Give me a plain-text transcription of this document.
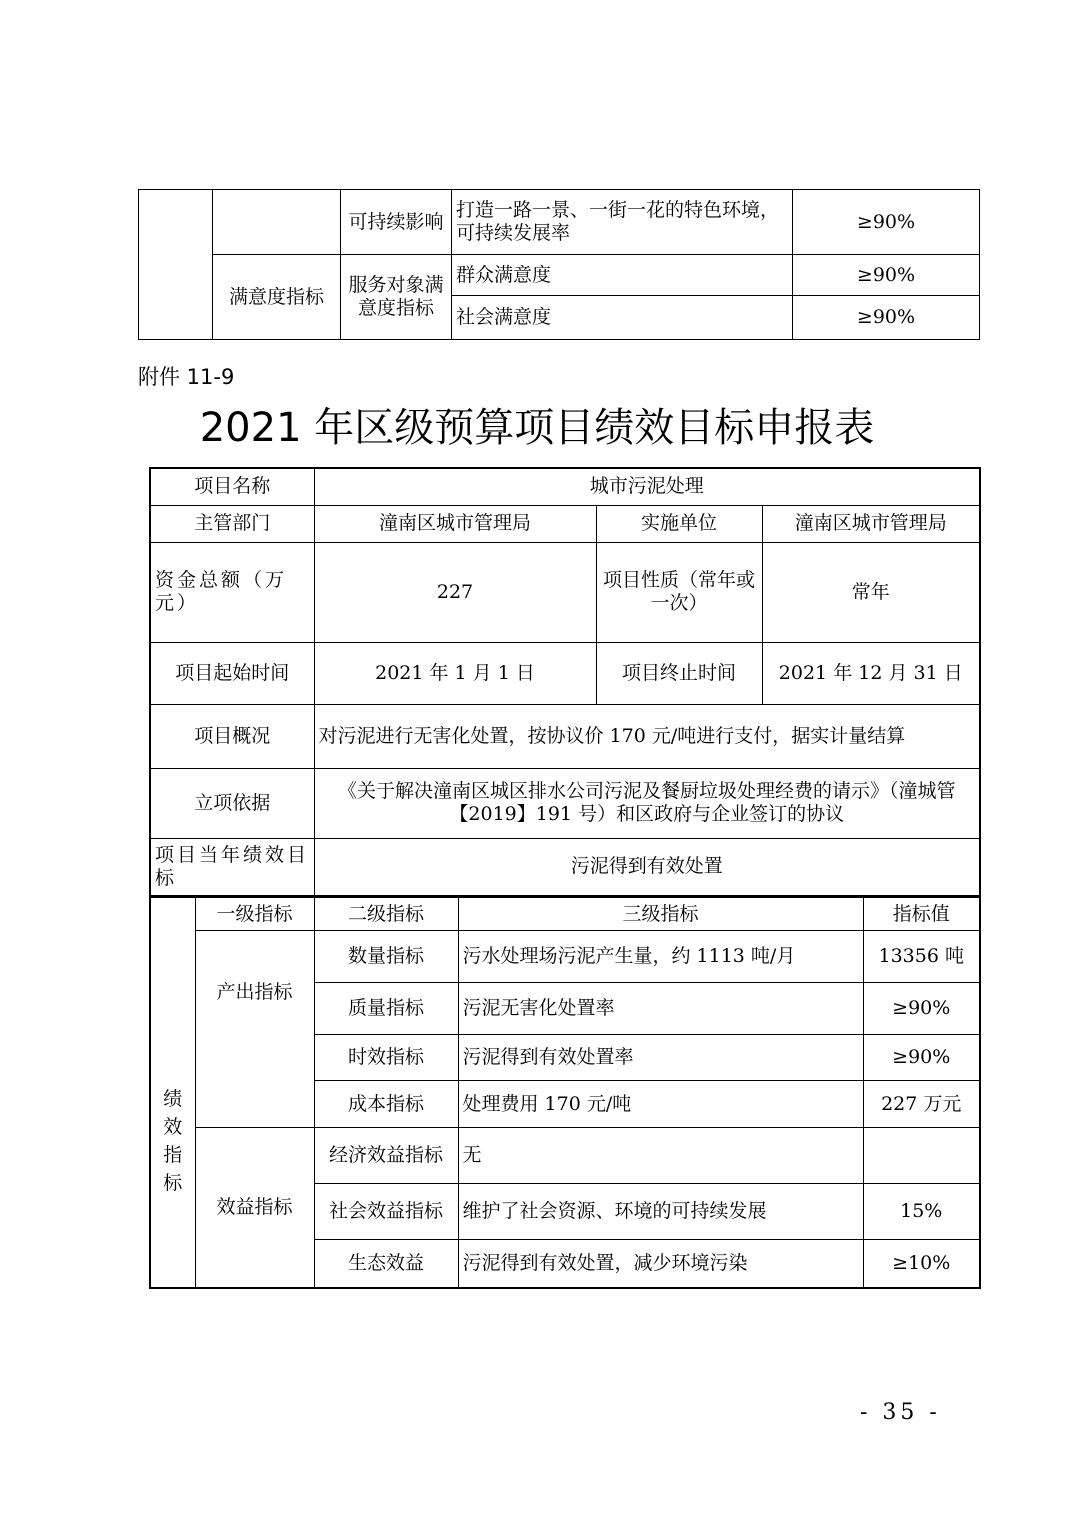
		可持续影响	打造一路一景、一街一花的特色环境，可持续发展率	≥90%
	满意度指标	服务对象满意度指标	群众满意度	≥90%
			社会满意度	≥90%
附件 11-9
2021 年区级预算项目绩效目标申报表
项目名称	城市污泥处理		
主管部门	潼南区城市管理局	实施单位	潼南区城市管理局
资金总额（万元）	227	项目性质（常年或一次）	常年
项目起始时间	2021 年 1 月 1 日	项目终止时间	2021 年 12 月 31 日
项目概况	对污泥进行无害化处置，按协议价 170 元/吨进行支付，据实计量结算		
立项依据	《关于解决潼南区城区排水公司污泥及餐厨垃圾处理经费的请示》（潼城管【2019】191 号）和区政府与企业签订的协议		
项目当年绩效目标	污泥得到有效处置		
绩效指标	一级指标	二级指标	三级指标	指标值
	产出指标	数量指标	污水处理场污泥产生量，约 1113 吨/月	13356 吨
		质量指标	污泥无害化处置率	≥90%
		时效指标	污泥得到有效处置率	≥90%
		成本指标	处理费用 170 元/吨	227 万元
	效益指标	经济效益指标	无	
		社会效益指标	维护了社会资源、环境的可持续发展	15%
		生态效益	污泥得到有效处置，减少环境污染	≥10%
- 35 -
